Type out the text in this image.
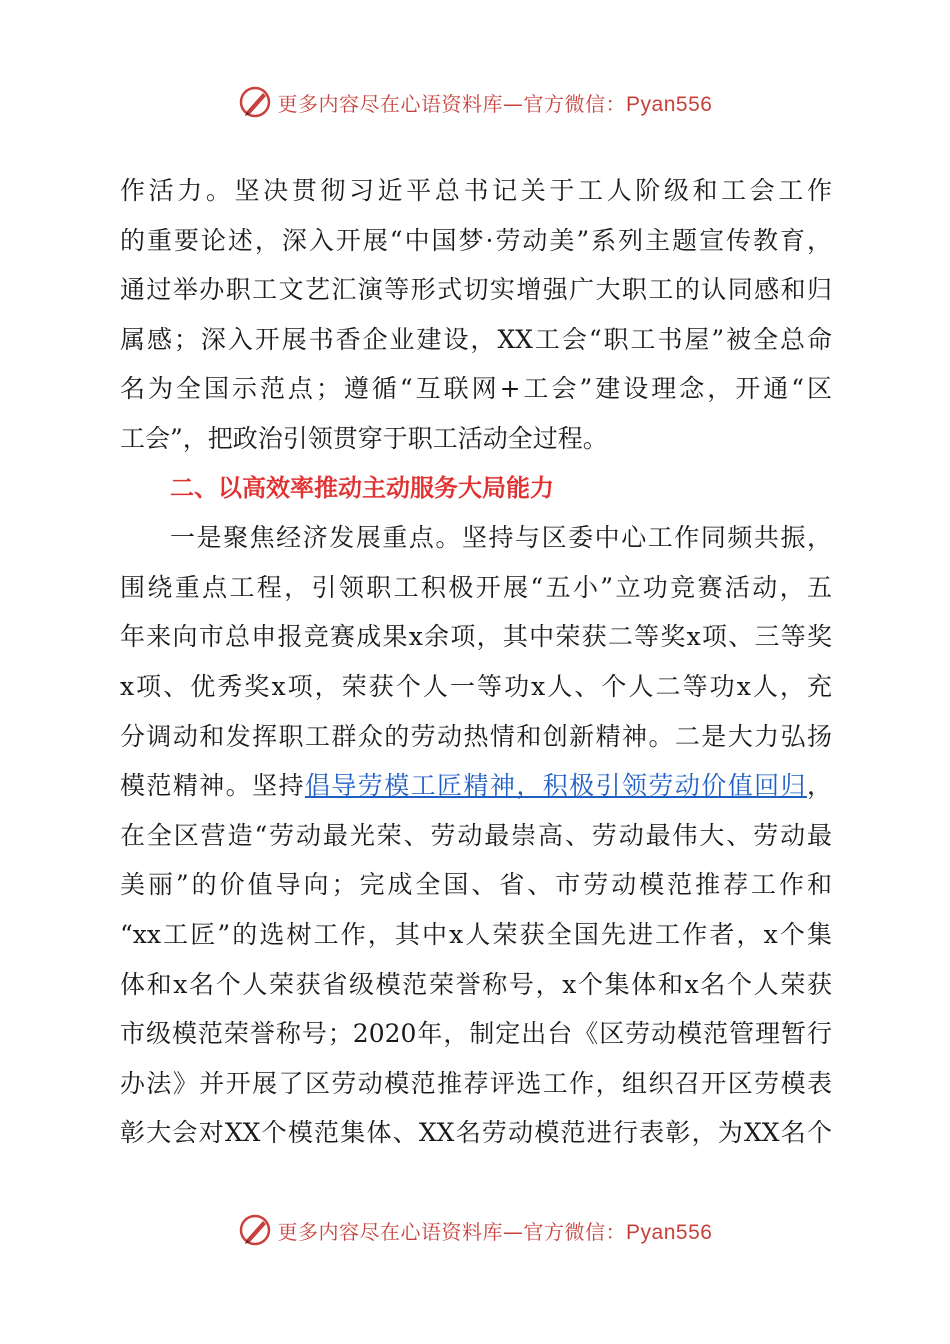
更多内容尽在心语资料库—官方微信：Pyan556
作活力。坚决贯彻习近平总书记关于工人阶级和工会工作
的重要论述，深入开展“中国梦·劳动美”系列主题宣传教育，
通过举办职工文艺汇演等形式切实增强广大职工的认同感和归
属感；深入开展书香企业建设，XX工会“职工书屋”被全总命
名为全国示范点；遵循“互联网+工会”建设理念，开通“区
工会”，把政治引领贯穿于职工活动全过程。
二、以高效率推动主动服务大局能力
一是聚焦经济发展重点。坚持与区委中心工作同频共振，
围绕重点工程，引领职工积极开展“五小”立功竞赛活动，五
年来向市总申报竞赛成果x余项，其中荣获二等奖x项、三等奖
x项、优秀奖x项，荣获个人一等功x人、个人二等功x人，充
分调动和发挥职工群众的劳动热情和创新精神。二是大力弘扬
模范精神。坚持倡导劳模工匠精神，积极引领劳动价值回归，
在全区营造“劳动最光荣、劳动最崇高、劳动最伟大、劳动最
美丽”的价值导向；完成全国、省、市劳动模范推荐工作和
“xx工匠”的选树工作，其中x人荣获全国先进工作者，x个集
体和x名个人荣获省级模范荣誉称号，x个集体和x名个人荣获
市级模范荣誉称号；2020年，制定出台《区劳动模范管理暂行
办法》并开展了区劳动模范推荐评选工作，组织召开区劳模表
彰大会对XX个模范集体、XX名劳动模范进行表彰，为XX名个
更多内容尽在心语资料库—官方微信：Pyan556
